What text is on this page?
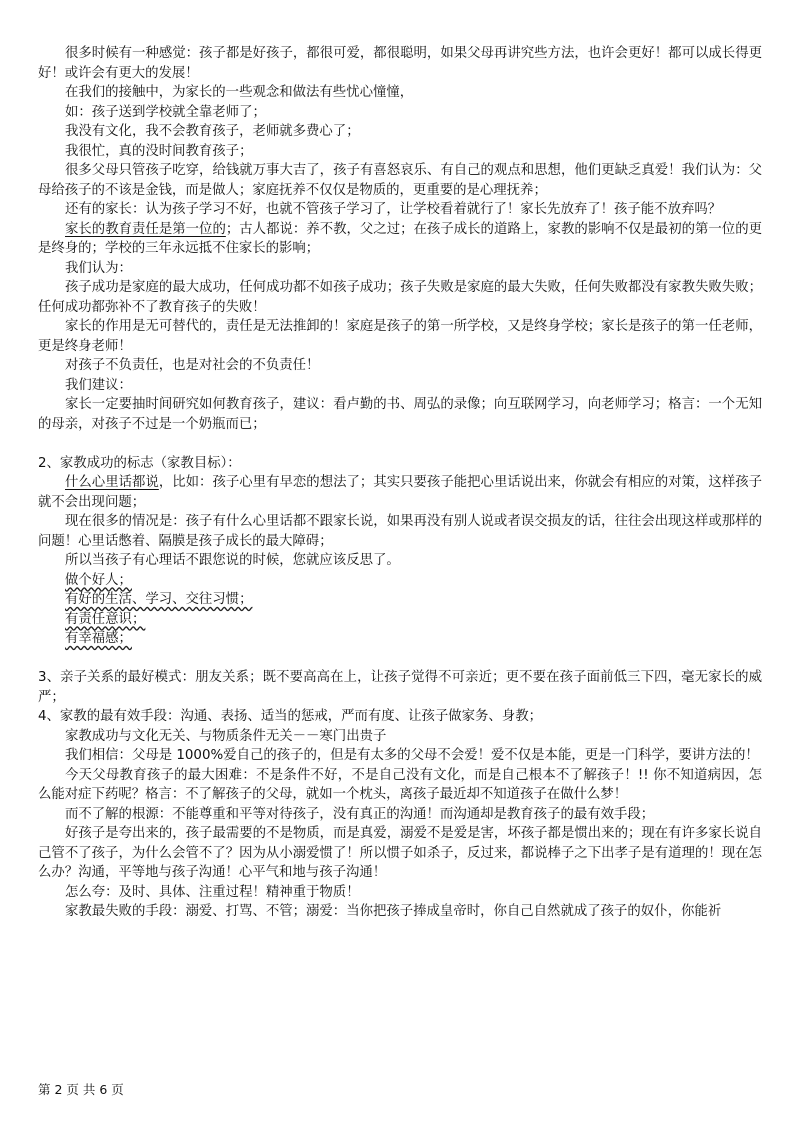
很多时候有一种感觉：孩子都是好孩子，都很可爱，都很聪明，如果父母再讲究些方法，也许会更好！都可以成长得更好！或许会有更大的发展！

在我们的接触中，为家长的一些观念和做法有些忧心憧憧，

如：孩子送到学校就全靠老师了；

我没有文化，我不会教育孩子，老师就多费心了；

我很忙，真的没时间教育孩子；

很多父母只管孩子吃穿，给钱就万事大吉了，孩子有喜怒哀乐、有自己的观点和思想，他们更缺乏真爱！我们认为：父母给孩子的不该是金钱，而是做人；家庭抚养不仅仅是物质的，更重要的是心理抚养；

还有的家长：认为孩子学习不好，也就不管孩子学习了，让学校看着就行了！家长先放弃了！孩子能不放弃吗？

家长的教育责任是第一位的；古人都说：养不教，父之过；在孩子成长的道路上，家教的影响不仅是最初的第一位的更是终身的；学校的三年永远抵不住家长的影响；

我们认为：

孩子成功是家庭的最大成功，任何成功都不如孩子成功；孩子失败是家庭的最大失败，任何失败都没有家教失败失败；任何成功都弥补不了教育孩子的失败！

家长的作用是无可替代的，责任是无法推卸的！家庭是孩子的第一所学校，又是终身学校；家长是孩子的第一任老师，更是终身老师！

对孩子不负责任，也是对社会的不负责任！

我们建议：

家长一定要抽时间研究如何教育孩子，建议：看卢勤的书、周弘的录像；向互联网学习，向老师学习；格言：一个无知的母亲，对孩子不过是一个奶瓶而已；

2、家教成功的标志（家教目标）：

什么心里话都说，比如：孩子心里有早恋的想法了；其实只要孩子能把心里话说出来，你就会有相应的对策，这样孩子就不会出现问题；

现在很多的情况是：孩子有什么心里话都不跟家长说，如果再没有别人说或者误交损友的话，往往会出现这样或那样的问题！心里话憋着、隔膜是孩子成长的最大障碍；

所以当孩子有心理话不跟您说的时候，您就应该反思了。

做个好人；

有好的生活、学习、交往习惯；

有责任意识；

有幸福感；

3、亲子关系的最好模式：朋友关系；既不要高高在上，让孩子觉得不可亲近；更不要在孩子面前低三下四，毫无家长的威严；

4、家教的最有效手段：沟通、表扬、适当的惩戒，严而有度、让孩子做家务、身教；

家教成功与文化无关、与物质条件无关－－寒门出贵子

我们相信：父母是 1000%爱自己的孩子的，但是有太多的父母不会爱！爱不仅是本能，更是一门科学，要讲方法的！

今天父母教育孩子的最大困难：不是条件不好，不是自己没有文化，而是自己根本不了解孩子！!! 你不知道病因，怎么能对症下药呢？格言：不了解孩子的父母，就如一个枕头，离孩子最近却不知道孩子在做什么梦！

而不了解的根源：不能尊重和平等对待孩子，没有真正的沟通！而沟通却是教育孩子的最有效手段；

好孩子是夸出来的，孩子最需要的不是物质，而是真爱，溺爱不是爱是害，坏孩子都是惯出来的；现在有许多家长说自己管不了孩子，为什么会管不了？因为从小溺爱惯了！所以惯子如杀子，反过来，都说棒子之下出孝子是有道理的！现在怎么办？沟通，平等地与孩子沟通！心平气和地与孩子沟通！

怎么夸：及时、具体、注重过程！精神重于物质！

家教最失败的手段：溺爱、打骂、不管；溺爱：当你把孩子捧成皇帝时，你自己自然就成了孩子的奴仆，你能祈

第 2 页 共 6 页
